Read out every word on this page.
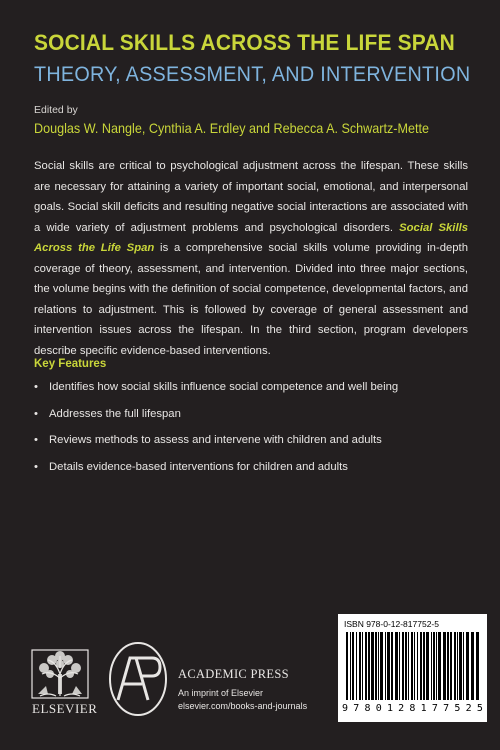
SOCIAL SKILLS ACROSS THE LIFE SPAN
THEORY, ASSESSMENT, AND INTERVENTION
Edited by
Douglas W. Nangle, Cynthia A. Erdley and Rebecca A. Schwartz-Mette

Social skills are critical to psychological adjustment across the lifespan. These skills are necessary for attaining a variety of important social, emotional, and interpersonal goals. Social skill deficits and resulting negative social interactions are associated with a wide variety of adjustment problems and psychological disorders. Social Skills Across the Life Span is a comprehensive social skills volume providing in-depth coverage of theory, assessment, and intervention. Divided into three major sections, the volume begins with the definition of social competence, developmental factors, and relations to adjustment. This is followed by coverage of general assessment and intervention issues across the lifespan. In the third section, program developers describe specific evidence-based interventions.

Key Features
• Identifies how social skills influence social competence and well being
• Addresses the full lifespan
• Reviews methods to assess and intervene with children and adults
• Details evidence-based interventions for children and adults
ELSEVIER
ACADEMIC PRESS
An imprint of Elsevier
elsevier.com/books-and-journals
ISBN 978-0-12-817752-5
9 7 8 0 1 2 8 1 7 7 5 2 5
